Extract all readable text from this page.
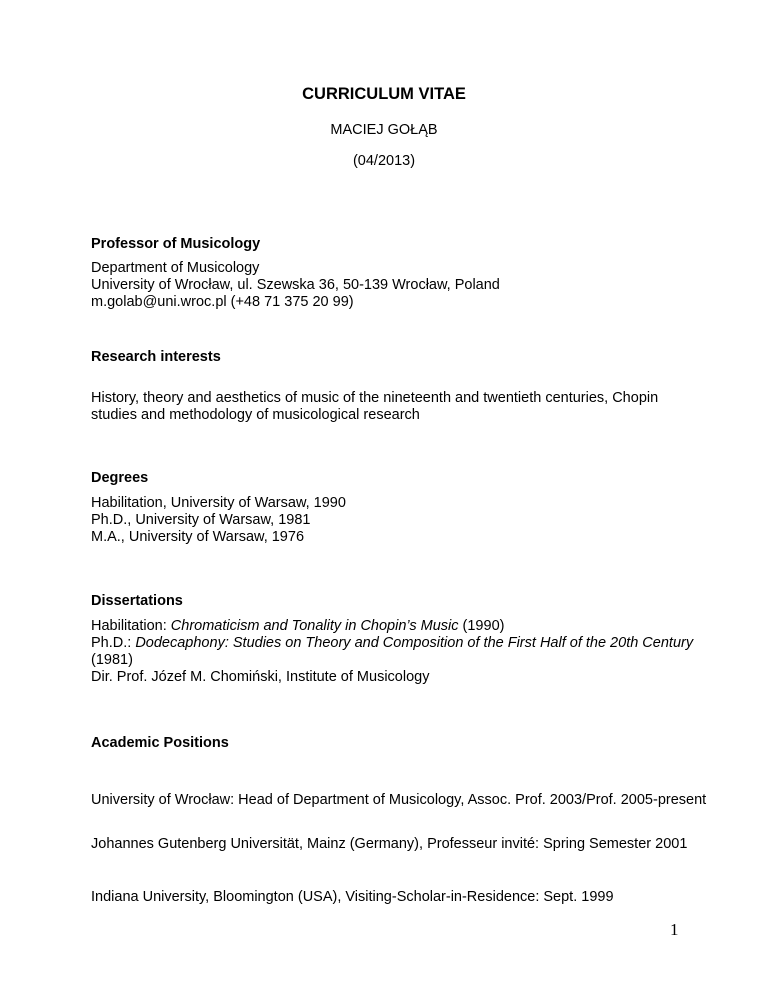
CURRICULUM VITAE
MACIEJ GOŁĄB
(04/2013)
Professor of Musicology
Department of Musicology
University of Wrocław, ul. Szewska 36, 50-139 Wrocław, Poland
m.golab@uni.wroc.pl (+48 71 375 20 99)
Research interests
History, theory and aesthetics of music of the nineteenth and twentieth centuries, Chopin
studies and methodology of musicological research
Degrees
Habilitation, University of Warsaw, 1990
Ph.D., University of Warsaw, 1981
M.A., University of Warsaw, 1976
Dissertations
Habilitation: Chromaticism and Tonality in Chopin’s Music (1990)
Ph.D.: Dodecaphony: Studies on Theory and Composition of the First Half of the 20th Century
(1981)
Dir. Prof. Józef M. Chomiński, Institute of Musicology
Academic Positions
University of Wrocław: Head of Department of Musicology, Assoc. Prof. 2003/Prof. 2005-present
Johannes Gutenberg Universität, Mainz (Germany), Professeur invité: Spring Semester 2001
Indiana University, Bloomington (USA), Visiting-Scholar-in-Residence: Sept. 1999
1
